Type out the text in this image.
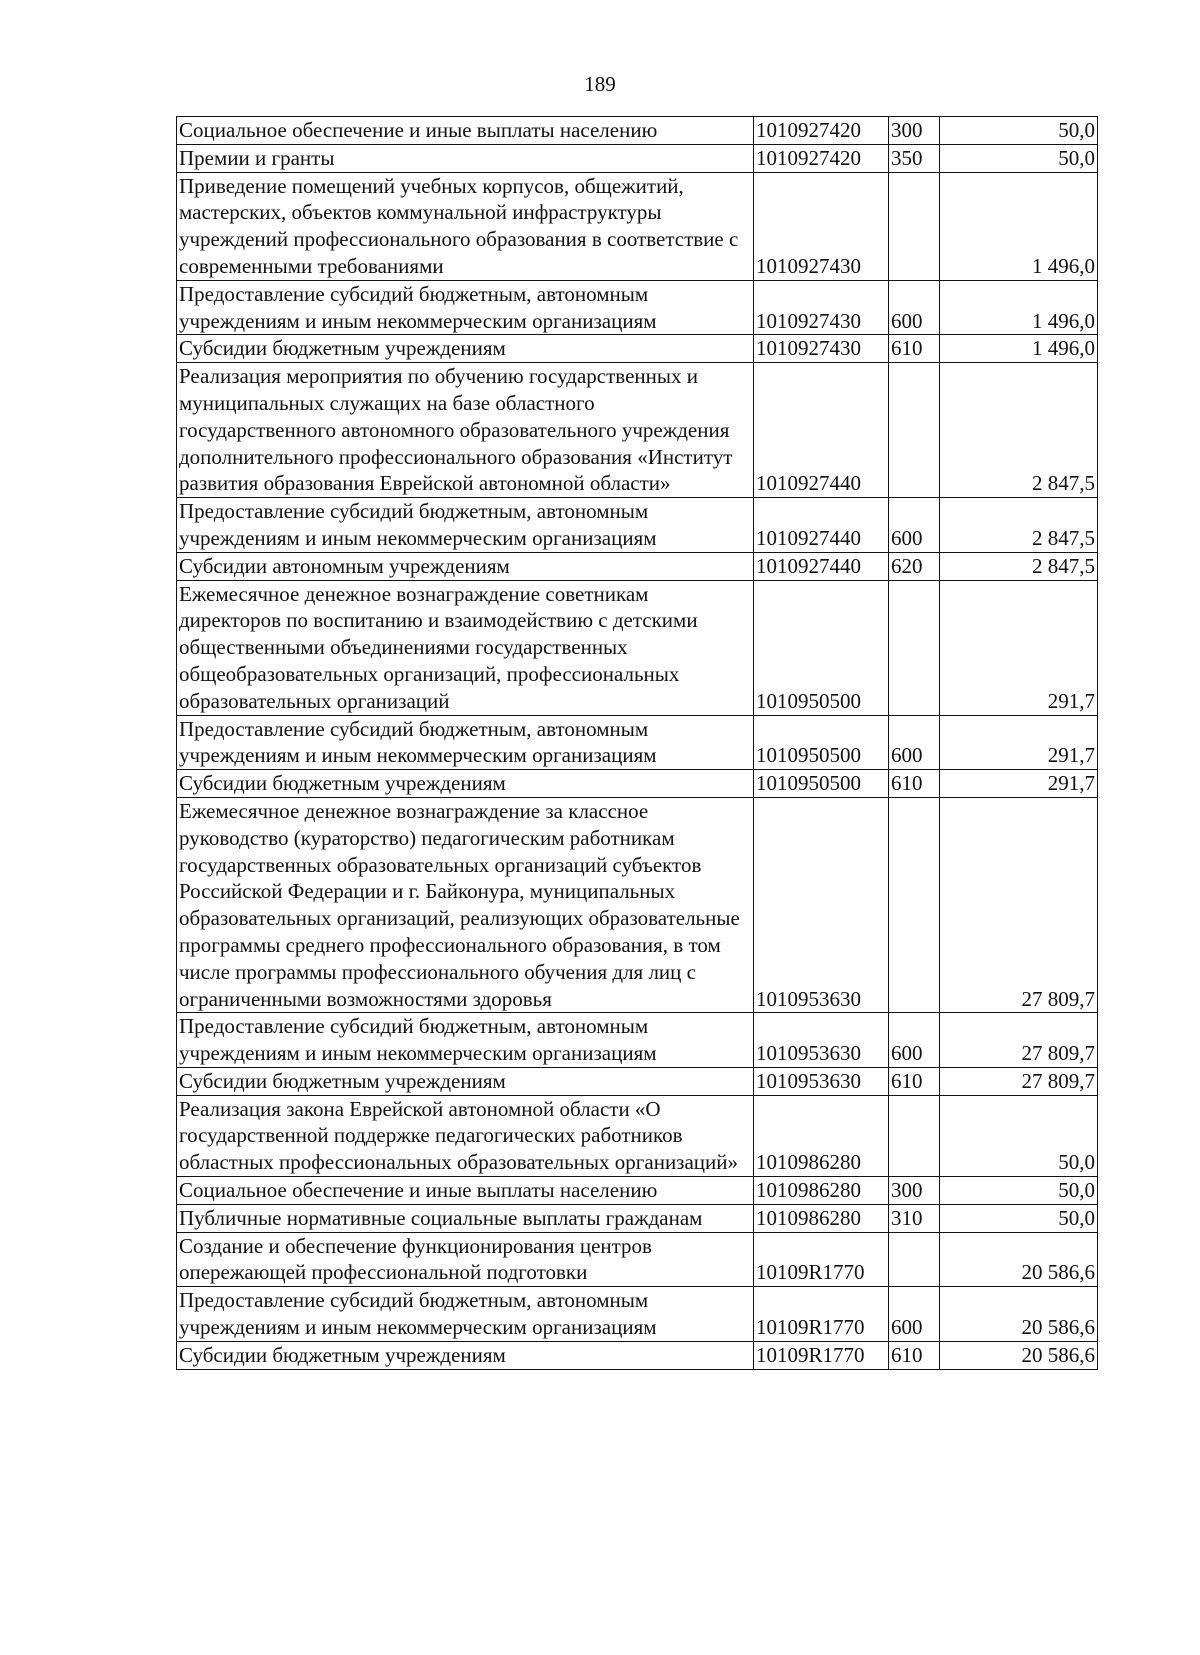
189
Социальное обеспечение и иные выплаты населению	1010927420	300	50,0
Премии и гранты	1010927420	350	50,0
Приведение помещений учебных корпусов, общежитий, мастерских, объектов коммунальной инфраструктуры учреждений профессионального образования в соответствие с современными требованиями	1010927430		1 496,0
Предоставление субсидий бюджетным, автономным учреждениям и иным некоммерческим организациям	1010927430	600	1 496,0
Субсидии бюджетным учреждениям	1010927430	610	1 496,0
Реализация мероприятия по обучению государственных и муниципальных служащих на базе областного государственного автономного образовательного учреждения дополнительного профессионального образования «Институт развития образования Еврейской автономной области»	1010927440		2 847,5
Предоставление субсидий бюджетным, автономным учреждениям и иным некоммерческим организациям	1010927440	600	2 847,5
Субсидии автономным учреждениям	1010927440	620	2 847,5
Ежемесячное денежное вознаграждение советникам директоров по воспитанию и взаимодействию с детскими общественными объединениями государственных общеобразовательных организаций, профессиональных образовательных организаций	1010950500		291,7
Предоставление субсидий бюджетным, автономным учреждениям и иным некоммерческим организациям	1010950500	600	291,7
Субсидии бюджетным учреждениям	1010950500	610	291,7
Ежемесячное денежное вознаграждение за классное руководство (кураторство) педагогическим работникам государственных образовательных организаций субъектов Российской Федерации и г. Байконура, муниципальных образовательных организаций, реализующих образовательные программы среднего профессионального образования, в том числе программы профессионального обучения для лиц с ограниченными возможностями здоровья	1010953630		27 809,7
Предоставление субсидий бюджетным, автономным учреждениям и иным некоммерческим организациям	1010953630	600	27 809,7
Субсидии бюджетным учреждениям	1010953630	610	27 809,7
Реализация закона Еврейской автономной области «О государственной поддержке педагогических работников областных профессиональных образовательных организаций»	1010986280		50,0
Социальное обеспечение и иные выплаты населению	1010986280	300	50,0
Публичные нормативные социальные выплаты гражданам	1010986280	310	50,0
Создание и обеспечение функционирования центров опережающей профессиональной подготовки	10109R1770		20 586,6
Предоставление субсидий бюджетным, автономным учреждениям и иным некоммерческим организациям	10109R1770	600	20 586,6
Субсидии бюджетным учреждениям	10109R1770	610	20 586,6
